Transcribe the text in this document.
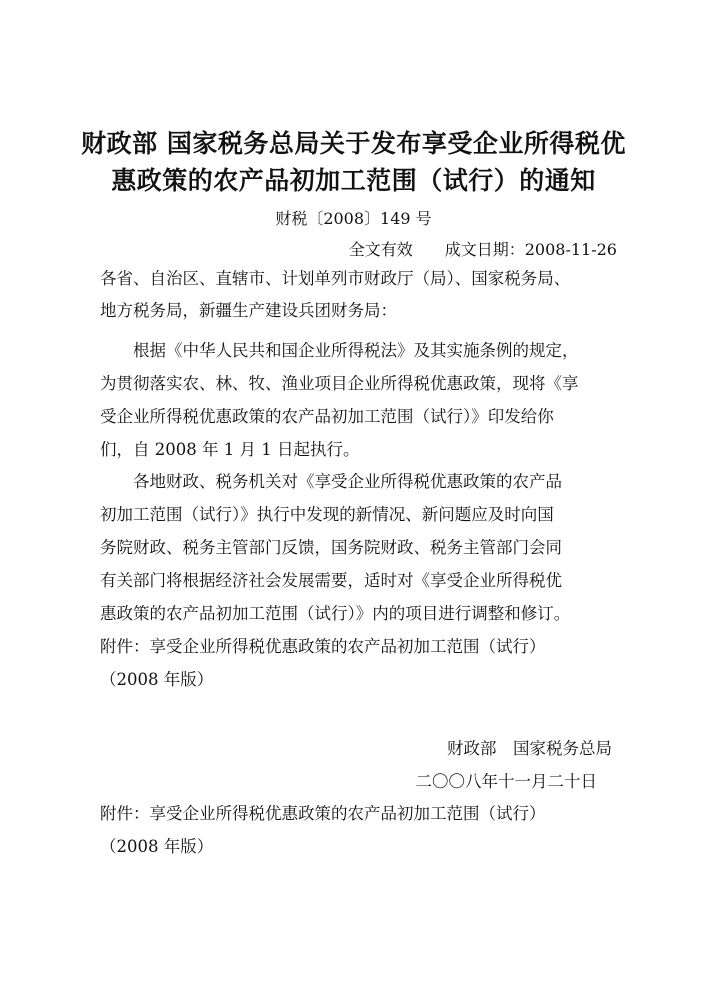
财政部 国家税务总局关于发布享受企业所得税优
惠政策的农产品初加工范围（试行）的通知
财税〔2008〕149 号
全文有效　　成文日期：2008-11-26
各省、自治区、直辖市、计划单列市财政厅（局）、国家税务局、
地方税务局，新疆生产建设兵团财务局：
　　根据《中华人民共和国企业所得税法》及其实施条例的规定，
为贯彻落实农、林、牧、渔业项目企业所得税优惠政策，现将《享
受企业所得税优惠政策的农产品初加工范围（试行）》印发给你
们，自 2008 年 1 月 1 日起执行。
　　各地财政、税务机关对《享受企业所得税优惠政策的农产品
初加工范围（试行）》执行中发现的新情况、新问题应及时向国
务院财政、税务主管部门反馈，国务院财政、税务主管部门会同
有关部门将根据经济社会发展需要，适时对《享受企业所得税优
惠政策的农产品初加工范围（试行）》内的项目进行调整和修订。
附件：享受企业所得税优惠政策的农产品初加工范围（试行）
（2008 年版）
财政部　国家税务总局
二〇〇八年十一月二十日
附件：享受企业所得税优惠政策的农产品初加工范围（试行）
（2008 年版）
